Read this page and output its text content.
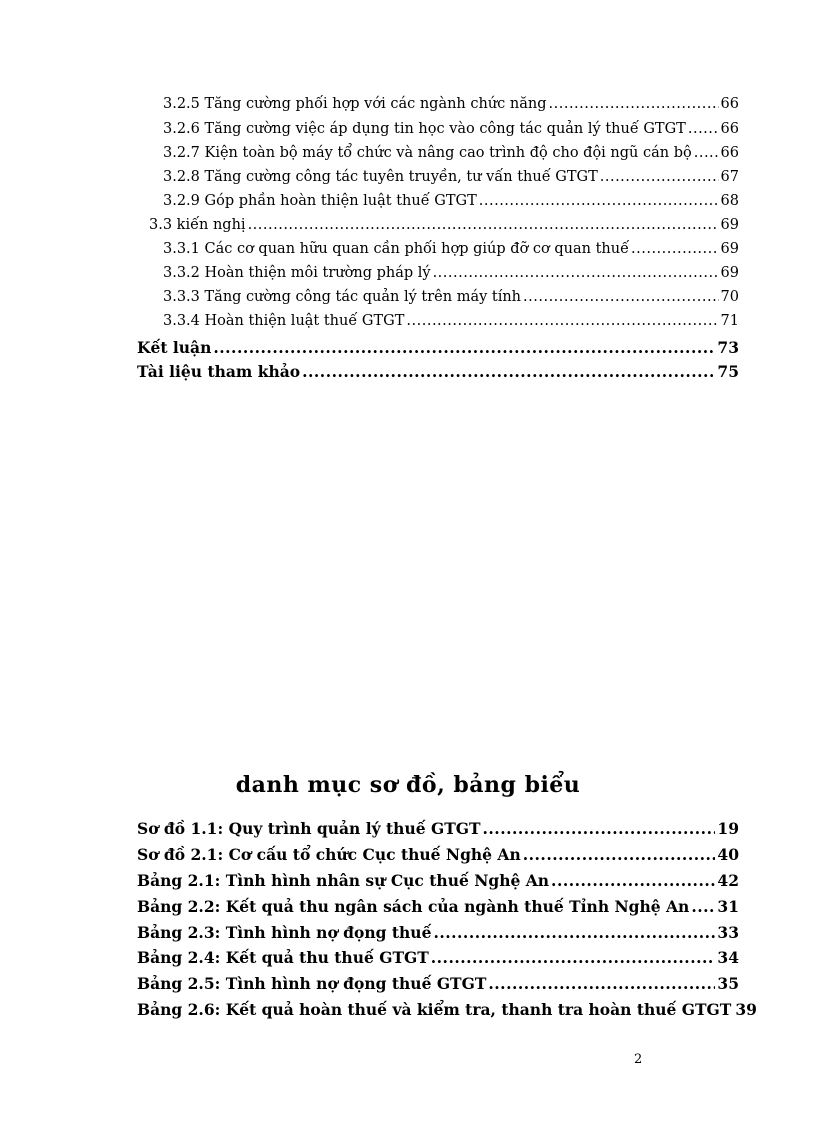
3.2.5 Tăng cường phối hợp với các ngành chức năng .....	66
3.2.6 Tăng cường việc áp dụng tin học vào công tác quản lý thuế GTGT ..... 66
3.2.7 Kiện toàn bộ máy tổ chức và nâng cao trình độ cho đội ngũ cán bộ ..... 66
3.2.8 Tăng cường công tác tuyên truyền, tư vấn thuế GTGT .....	67
3.2.9 Góp phần hoàn thiện luật thuế GTGT .....	68
3.3 kiến nghị .....	69
3.3.1 Các cơ quan hữu quan cần phối hợp giúp đỡ cơ quan thuế .....	69
3.3.2 Hoàn thiện môi trường pháp lý .....	69
3.3.3 Tăng cường công tác quản lý trên máy tính .....	70
3.3.4 Hoàn thiện luật thuế GTGT .....	71
Kết luận .....	73
Tài liệu tham khảo .....	75
danh mục sơ đồ, bảng biểu
Sơ đồ 1.1: Quy trình quản lý thuế GTGT .....	19
Sơ đồ 2.1: Cơ cấu tổ chức Cục thuế Nghệ An .....	40
Bảng 2.1: Tình hình nhân sự Cục thuế Nghệ An .....	42
Bảng 2.2: Kết quả thu ngân sách của ngành thuế Tỉnh Nghệ An ..... 31
Bảng 2.3: Tình hình nợ đọng thuế .....	33
Bảng 2.4: Kết quả thu thuế GTGT .....	34
Bảng 2.5: Tình hình nợ đọng thuế GTGT .....	35
Bảng 2.6: Kết quả hoàn thuế và kiểm tra, thanh tra hoàn thuế GTGT 39
2
